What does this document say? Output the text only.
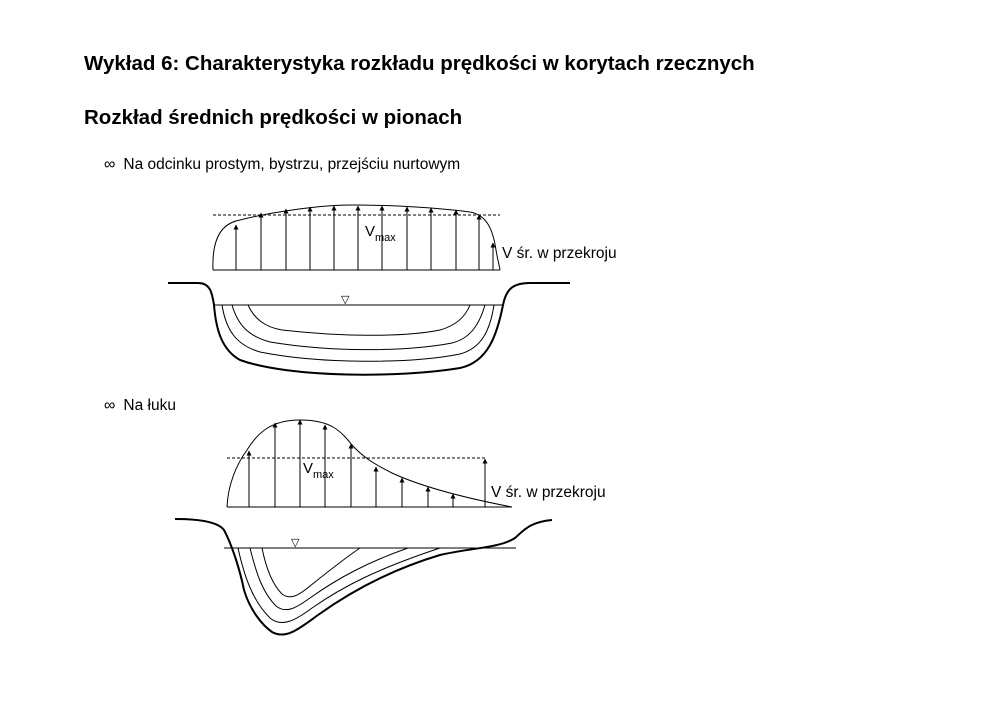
Wykład 6: Charakterystyka rozkładu prędkości w korytach rzecznych
Rozkład średnich prędkości w pionach
∞ Na odcinku prostym, bystrzu, przejściu nurtowym
∞ Na łuku
▽
$V_{max}$
V śr. w przekroju
▽
$V_{max}$
V śr. w przekroju
